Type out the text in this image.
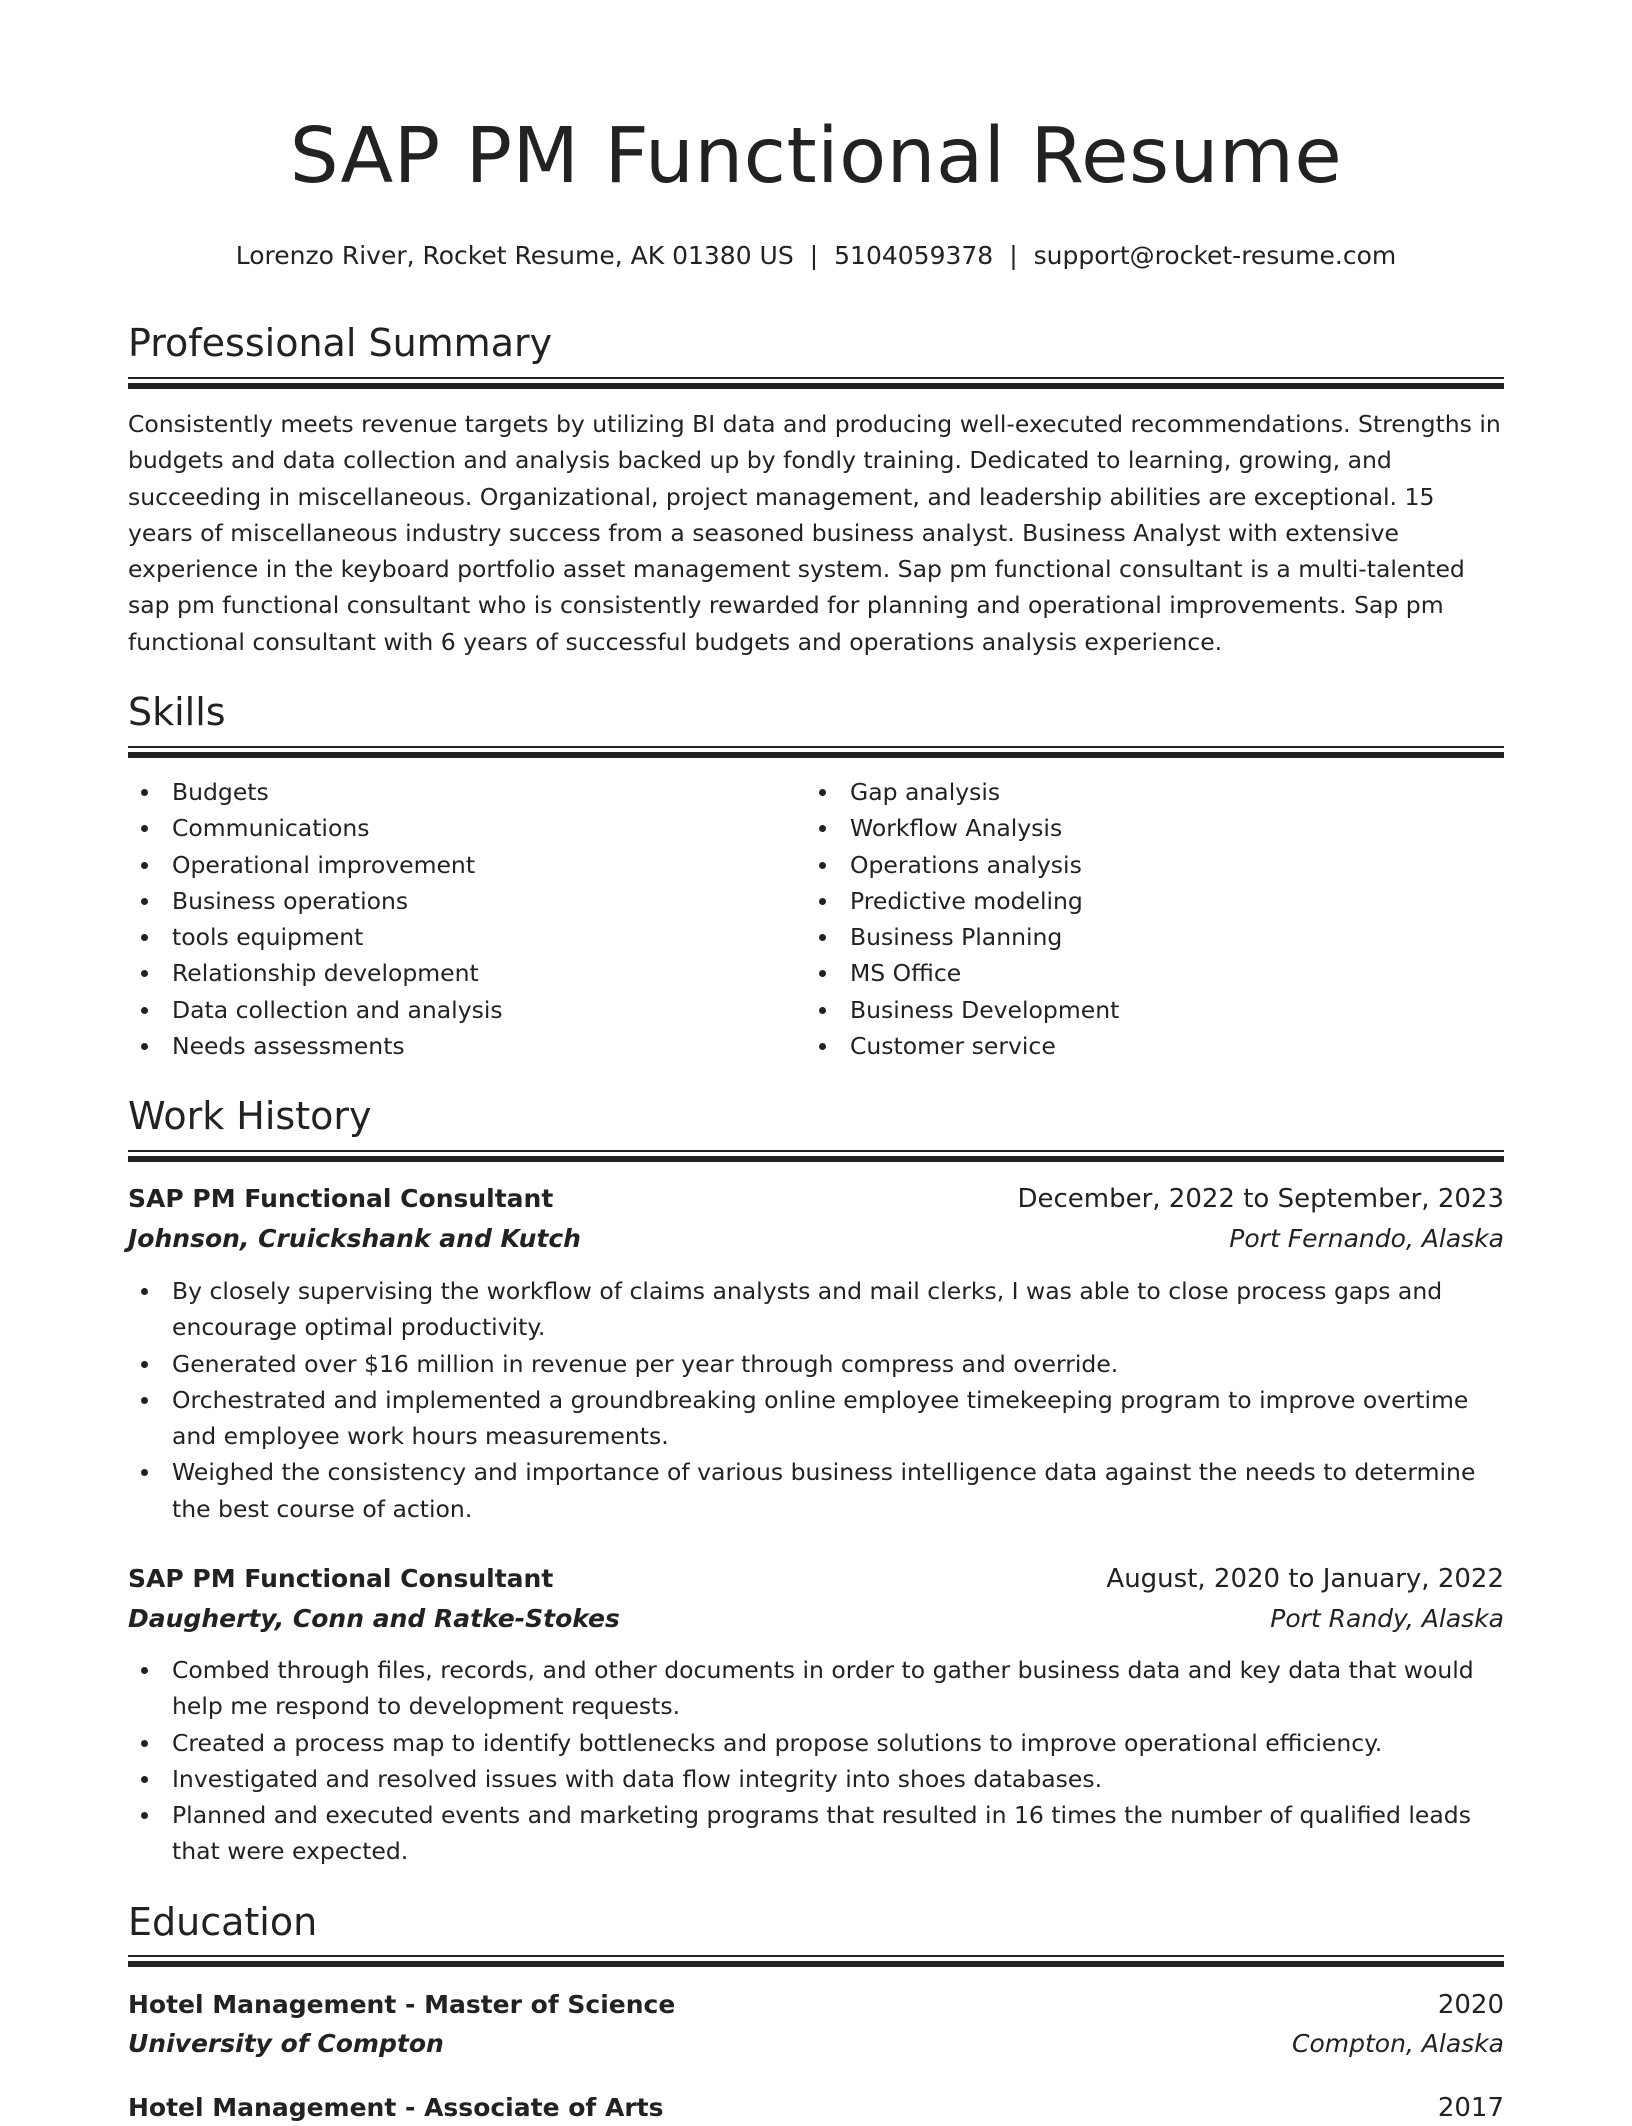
SAP PM Functional Resume
Lorenzo River, Rocket Resume, AK 01380 US | 5104059378 | support@rocket-resume.com
Professional Summary

Consistently meets revenue targets by utilizing BI data and producing well-executed recommendations. Strengths in budgets and data collection and analysis backed up by fondly training. Dedicated to learning, growing, and succeeding in miscellaneous. Organizational, project management, and leadership abilities are exceptional. 15 years of miscellaneous industry success from a seasoned business analyst. Business Analyst with extensive experience in the keyboard portfolio asset management system. Sap pm functional consultant is a multi-talented sap pm functional consultant who is consistently rewarded for planning and operational improvements. Sap pm functional consultant with 6 years of successful budgets and operations analysis experience.

Skills
Budgets
Communications
Operational improvement
Business operations
tools equipment
Relationship development
Data collection and analysis
Needs assessments
Gap analysis
Workflow Analysis
Operations analysis
Predictive modeling
Business Planning
MS Office
Business Development
Customer service
Work History
SAP PM Functional Consultant	December, 2022 to September, 2023
Johnson, Cruickshank and Kutch	Port Fernando, Alaska
By closely supervising the workflow of claims analysts and mail clerks, I was able to close process gaps and encourage optimal productivity.
Generated over $16 million in revenue per year through compress and override.
Orchestrated and implemented a groundbreaking online employee timekeeping program to improve overtime and employee work hours measurements.
Weighed the consistency and importance of various business intelligence data against the needs to determine the best course of action.
SAP PM Functional Consultant	August, 2020 to January, 2022
Daugherty, Conn and Ratke-Stokes	Port Randy, Alaska
Combed through files, records, and other documents in order to gather business data and key data that would help me respond to development requests.
Created a process map to identify bottlenecks and propose solutions to improve operational efficiency.
Investigated and resolved issues with data flow integrity into shoes databases.
Planned and executed events and marketing programs that resulted in 16 times the number of qualified leads that were expected.
Education
Hotel Management - Master of Science	2020
University of Compton	Compton, Alaska
Hotel Management - Associate of Arts	2017
